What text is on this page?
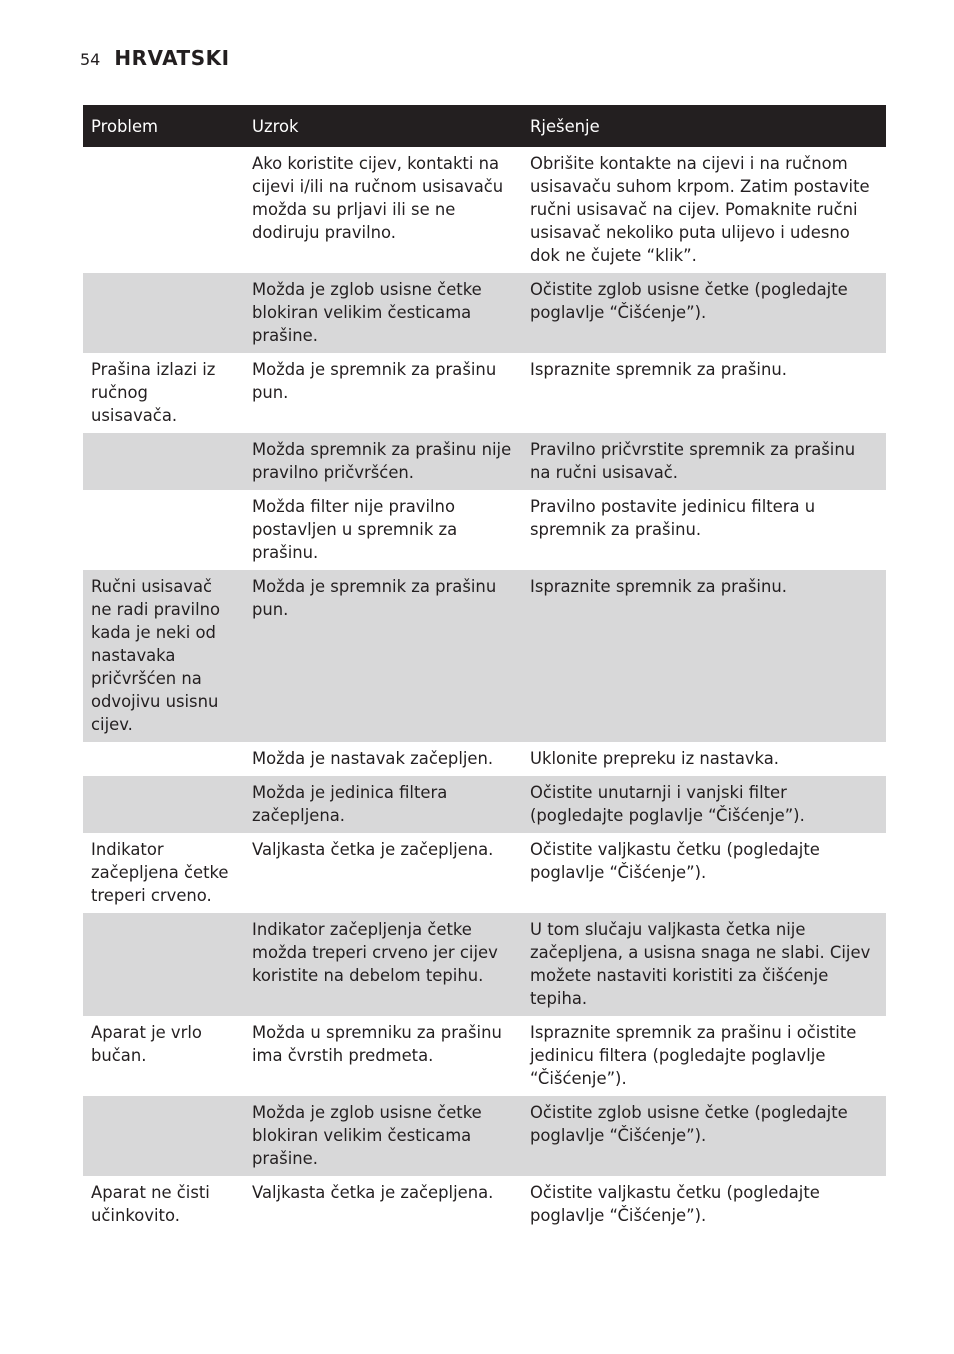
54 HRVATSKI
Problem	Uzrok	Rješenje
	Ako koristite cijev, kontakti na cijevi i/ili na ručnom usisavaču možda su prljavi ili se ne dodiruju pravilno.	Obrišite kontakte na cijevi i na ručnom usisavaču suhom krpom. Zatim postavite ručni usisavač na cijev. Pomaknite ručni usisavač nekoliko puta ulijevo i udesno dok ne čujete “klik”.
	Možda je zglob usisne četke blokiran velikim česticama prašine.	Očistite zglob usisne četke (pogledajte poglavlje “Čišćenje”).
Prašina izlazi iz ručnog usisavača.	Možda je spremnik za prašinu pun.	Ispraznite spremnik za prašinu.
	Možda spremnik za prašinu nije pravilno pričvršćen.	Pravilno pričvrstite spremnik za prašinu na ručni usisavač.
	Možda filter nije pravilno postavljen u spremnik za prašinu.	Pravilno postavite jedinicu filtera u spremnik za prašinu.
Ručni usisavač ne radi pravilno kada je neki od nastavaka pričvršćen na odvojivu usisnu cijev.	Možda je spremnik za prašinu pun.	Ispraznite spremnik za prašinu.
	Možda je nastavak začepljen.	Uklonite prepreku iz nastavka.
	Možda je jedinica filtera začepljena.	Očistite unutarnji i vanjski filter (pogledajte poglavlje “Čišćenje”).
Indikator začepljena četke treperi crveno.	Valjkasta četka je začepljena.	Očistite valjkastu četku (pogledajte poglavlje “Čišćenje”).
	Indikator začepljenja četke možda treperi crveno jer cijev koristite na debelom tepihu.	U tom slučaju valjkasta četka nije začepljena, a usisna snaga ne slabi. Cijev možete nastaviti koristiti za čišćenje tepiha.
Aparat je vrlo bučan.	Možda u spremniku za prašinu ima čvrstih predmeta.	Ispraznite spremnik za prašinu i očistite jedinicu filtera (pogledajte poglavlje “Čišćenje”).
	Možda je zglob usisne četke blokiran velikim česticama prašine.	Očistite zglob usisne četke (pogledajte poglavlje “Čišćenje”).
Aparat ne čisti učinkovito.	Valjkasta četka je začepljena.	Očistite valjkastu četku (pogledajte poglavlje “Čišćenje”).
